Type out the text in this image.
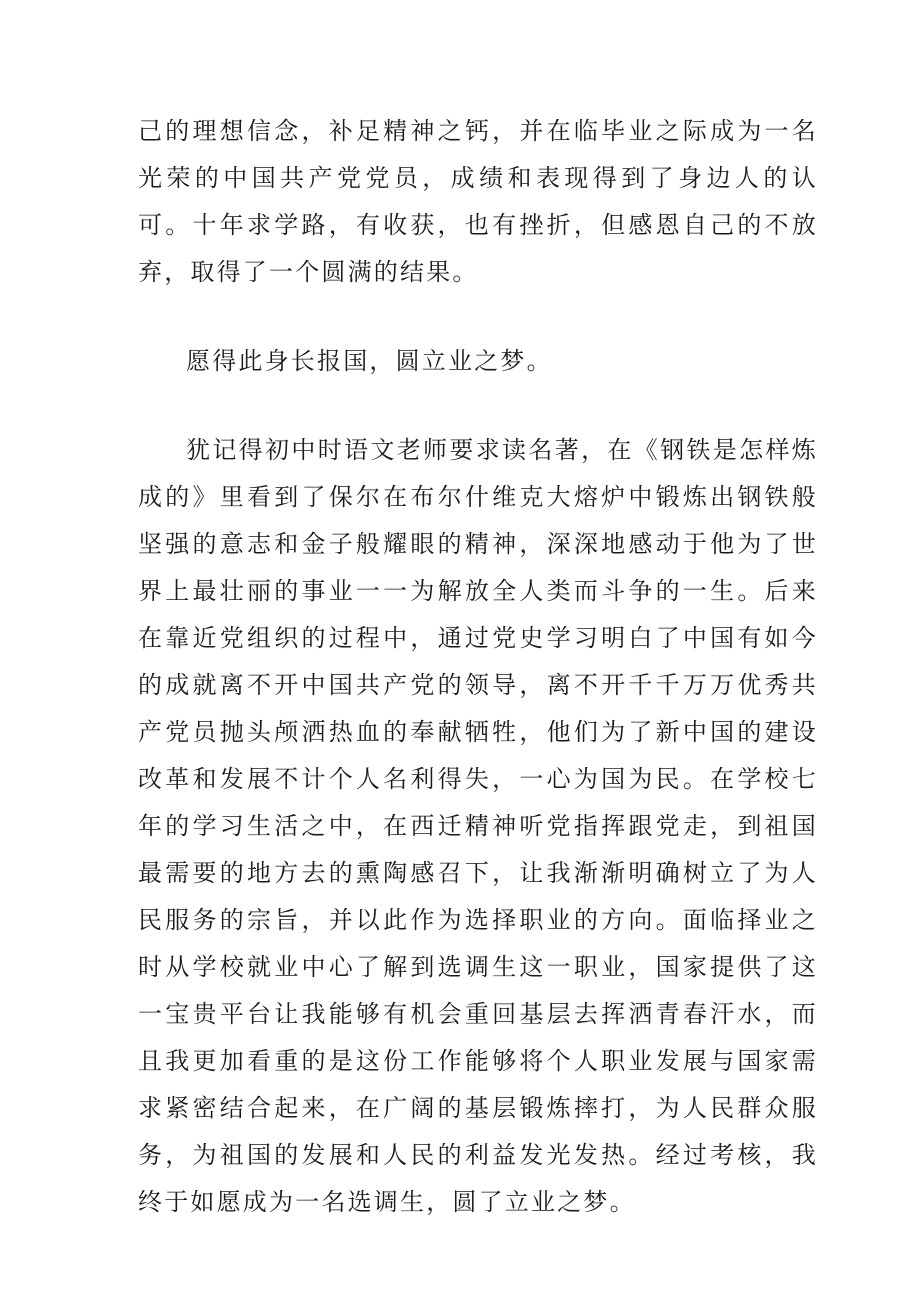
己的理想信念，补足精神之钙，并在临毕业之际成为一名光荣的中国共产党党员，成绩和表现得到了身边人的认可。十年求学路，有收获，也有挫折，但感恩自己的不放弃，取得了一个圆满的结果。

愿得此身长报国，圆立业之梦。

犹记得初中时语文老师要求读名著，在《钢铁是怎样炼成的》里看到了保尔在布尔什维克大熔炉中锻炼出钢铁般坚强的意志和金子般耀眼的精神，深深地感动于他为了世界上最壮丽的事业一一为解放全人类而斗争的一生。后来在靠近党组织的过程中，通过党史学习明白了中国有如今的成就离不开中国共产党的领导，离不开千千万万优秀共产党员抛头颅洒热血的奉献牺牲，他们为了新中国的建设改革和发展不计个人名利得失，一心为国为民。在学校七年的学习生活之中，在西迁精神听党指挥跟党走，到祖国最需要的地方去的熏陶感召下，让我渐渐明确树立了为人民服务的宗旨，并以此作为选择职业的方向。面临择业之时从学校就业中心了解到选调生这一职业，国家提供了这一宝贵平台让我能够有机会重回基层去挥洒青春汗水，而且我更加看重的是这份工作能够将个人职业发展与国家需求紧密结合起来，在广阔的基层锻炼摔打，为人民群众服务，为祖国的发展和人民的利益发光发热。经过考核，我终于如愿成为一名选调生，圆了立业之梦。
